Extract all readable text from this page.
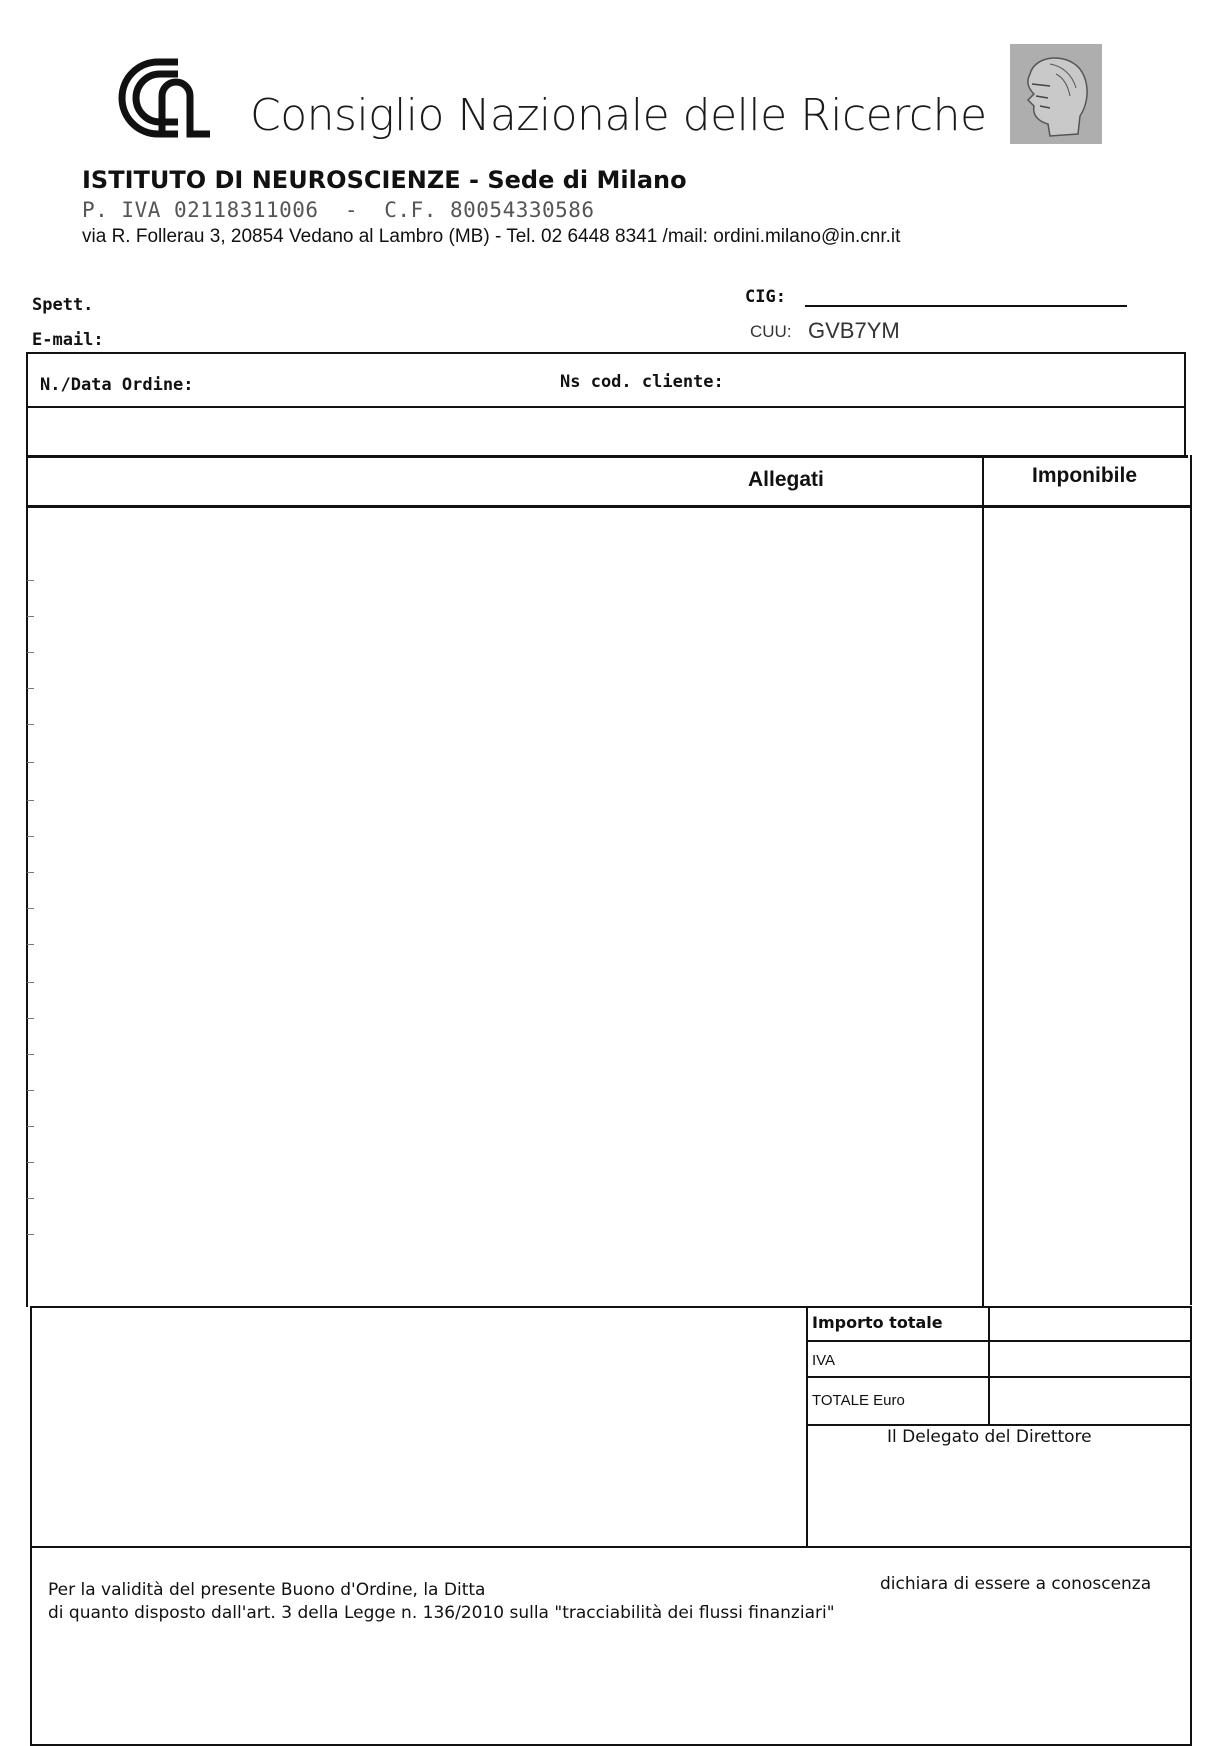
Consiglio Nazionale delle Ricerche
ISTITUTO DI NEUROSCIENZE - Sede di Milano
P. IVA 02118311006  -  C.F. 80054330586
via R. Follerau 3, 20854 Vedano al Lambro (MB) - Tel. 02 6448 8341 /mail: ordini.milano@in.cnr.it
Spett.
E-mail:
CIG:
CUU: GVB7YM
N./Data Ordine:	Ns cod. cliente:
Allegati	Imponibile
Importo totale
IVA
TOTALE Euro
Il Delegato del Direttore
Per la validità del presente Buono d'Ordine, la Ditta	dichiara di essere a conoscenza
di quanto disposto dall'art. 3 della Legge n. 136/2010 sulla "tracciabilità dei flussi finanziari"
